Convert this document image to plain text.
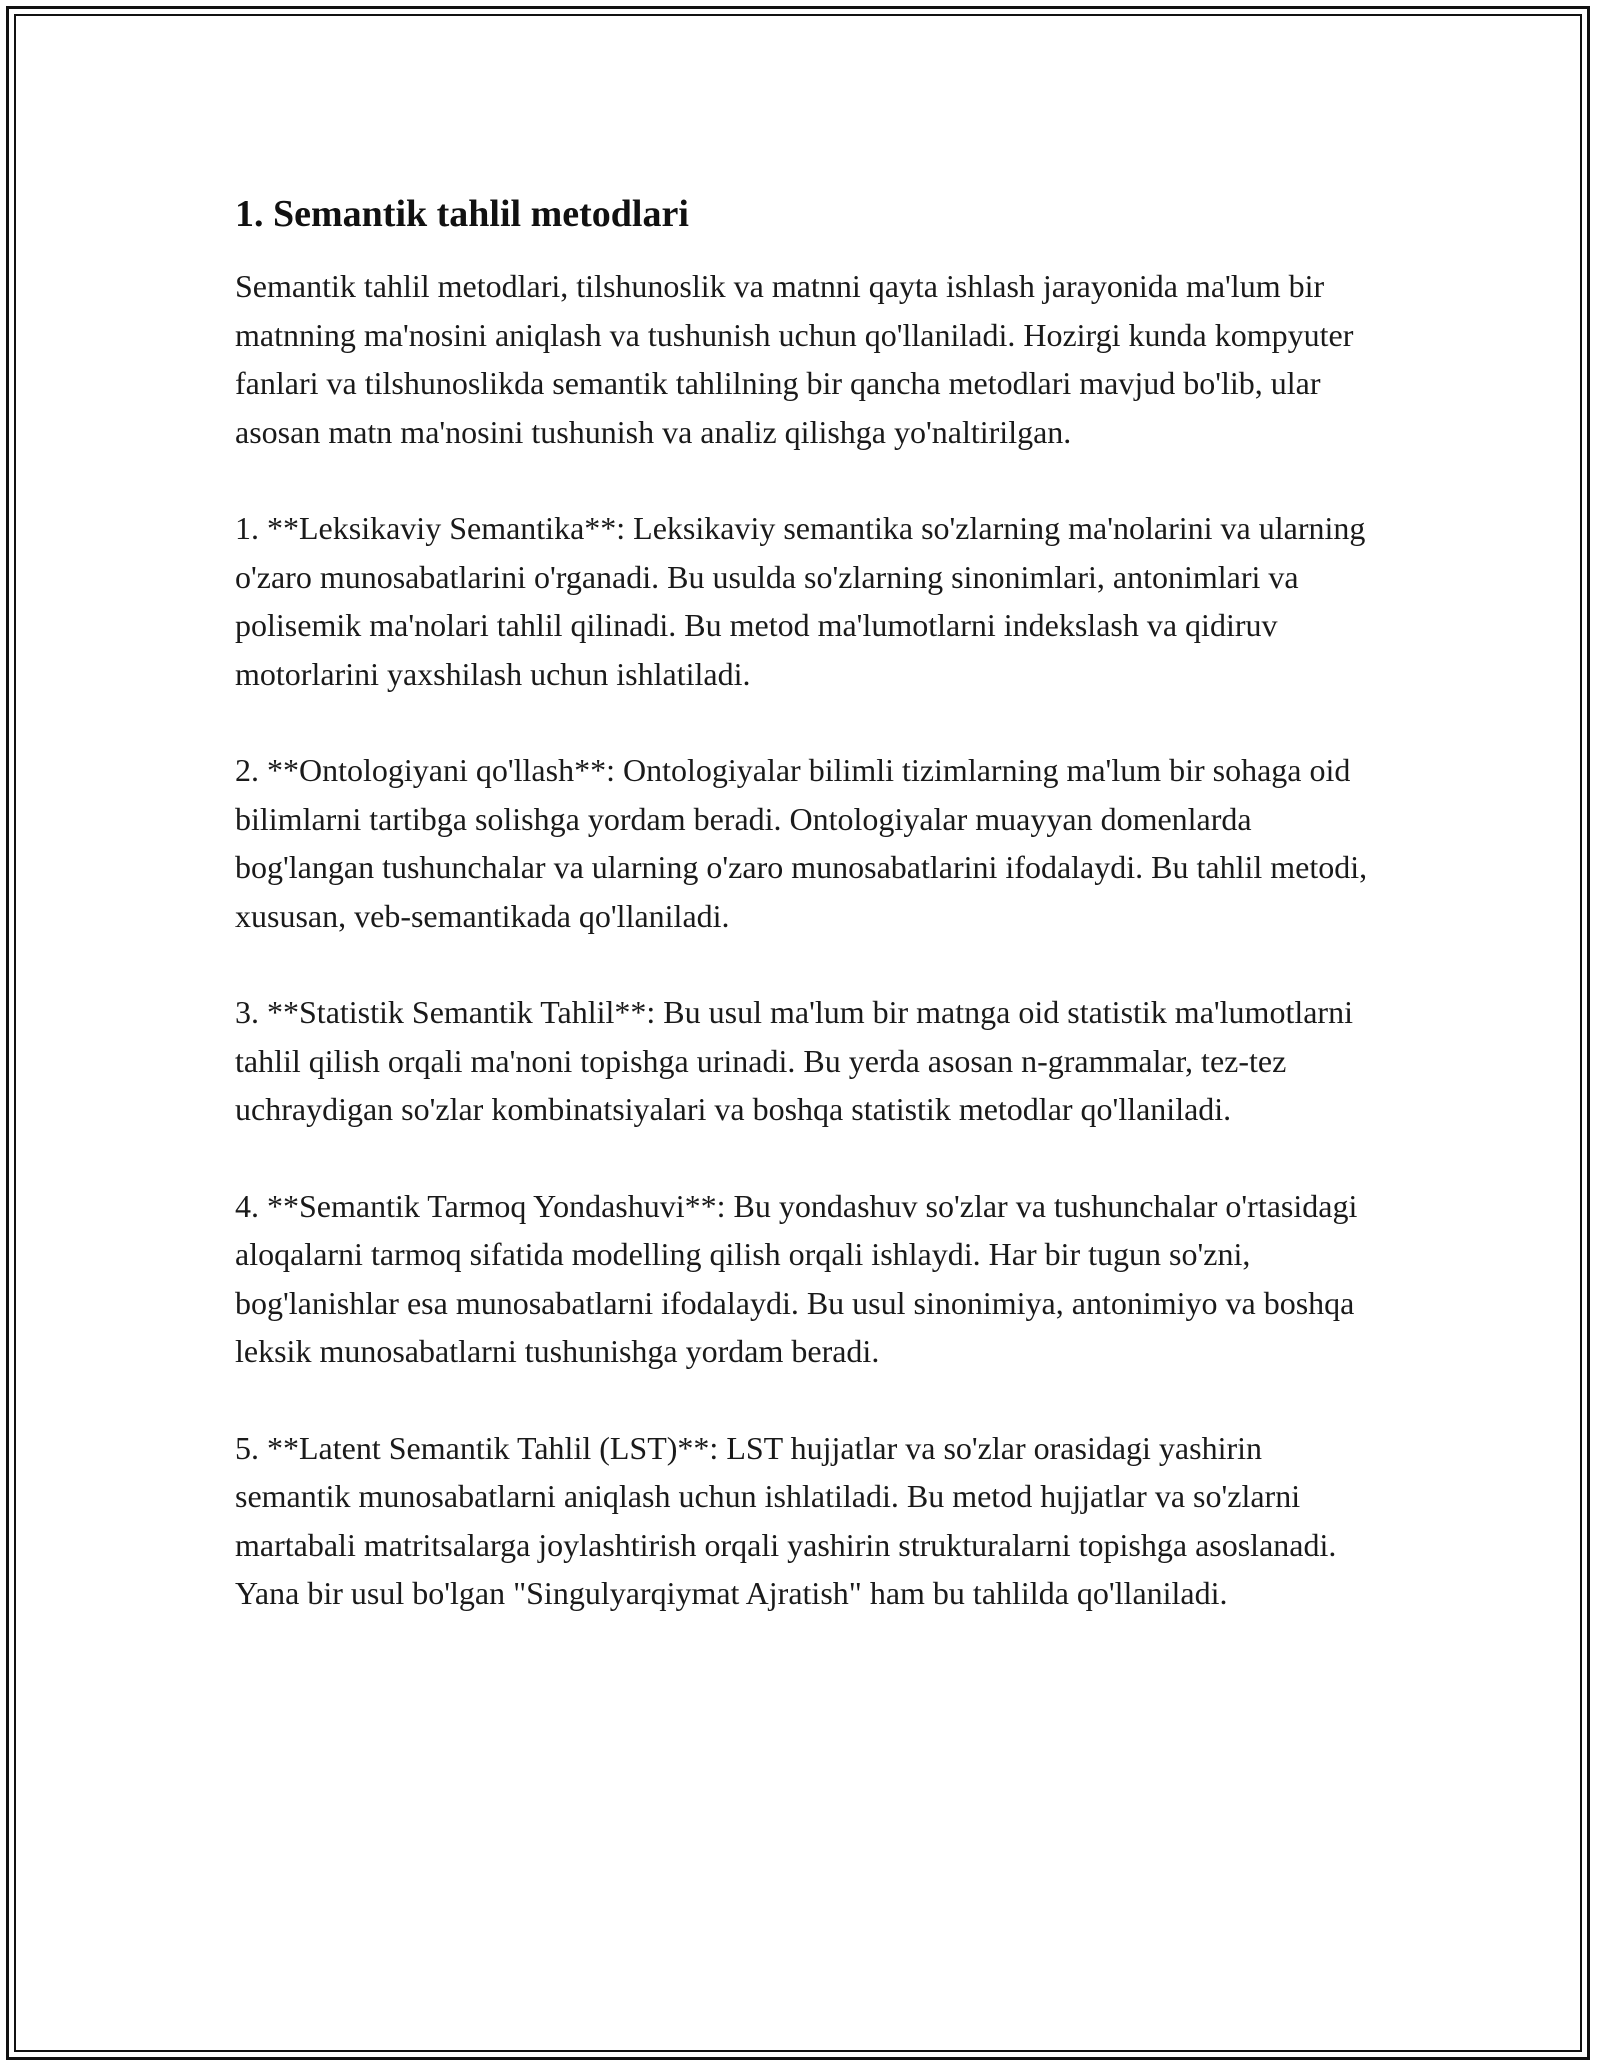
1. Semantik tahlil metodlari

Semantik tahlil metodlari, tilshunoslik va matnni qayta ishlash jarayonida ma'lum bir matnning ma'nosini aniqlash va tushunish uchun qo'llaniladi. Hozirgi kunda kompyuter fanlari va tilshunoslikda semantik tahlilning bir qancha metodlari mavjud bo'lib, ular asosan matn ma'nosini tushunish va analiz qilishga yo'naltirilgan.

1. **Leksikaviy Semantika**: Leksikaviy semantika so'zlarning ma'nolarini va ularning o'zaro munosabatlarini o'rganadi. Bu usulda so'zlarning sinonimlari, antonimlari va polisemik ma'nolari tahlil qilinadi. Bu metod ma'lumotlarni indekslash va qidiruv motorlarini yaxshilash uchun ishlatiladi.

2. **Ontologiyani qo'llash**: Ontologiyalar bilimli tizimlarning ma'lum bir sohaga oid bilimlarni tartibga solishga yordam beradi. Ontologiyalar muayyan domenlarda bog'langan tushunchalar va ularning o'zaro munosabatlarini ifodalaydi. Bu tahlil metodi, xususan, veb-semantikada qo'llaniladi.

3. **Statistik Semantik Tahlil**: Bu usul ma'lum bir matnga oid statistik ma'lumotlarni tahlil qilish orqali ma'noni topishga urinadi. Bu yerda asosan n-grammalar, tez-tez uchraydigan so'zlar kombinatsiyalari va boshqa statistik metodlar qo'llaniladi.

4. **Semantik Tarmoq Yondashuvi**: Bu yondashuv so'zlar va tushunchalar o'rtasidagi aloqalarni tarmoq sifatida modelling qilish orqali ishlaydi. Har bir tugun so'zni, bog'lanishlar esa munosabatlarni ifodalaydi. Bu usul sinonimiya, antonimiyo va boshqa leksik munosabatlarni tushunishga yordam beradi.

5. **Latent Semantik Tahlil (LST)**: LST hujjatlar va so'zlar orasidagi yashirin semantik munosabatlarni aniqlash uchun ishlatiladi. Bu metod hujjatlar va so'zlarni martabali matritsalarga joylashtirish orqali yashirin strukturalarni topishga asoslanadi. Yana bir usul bo'lgan "Singulyarqiymat Ajratish" ham bu tahlilda qo'llaniladi.
